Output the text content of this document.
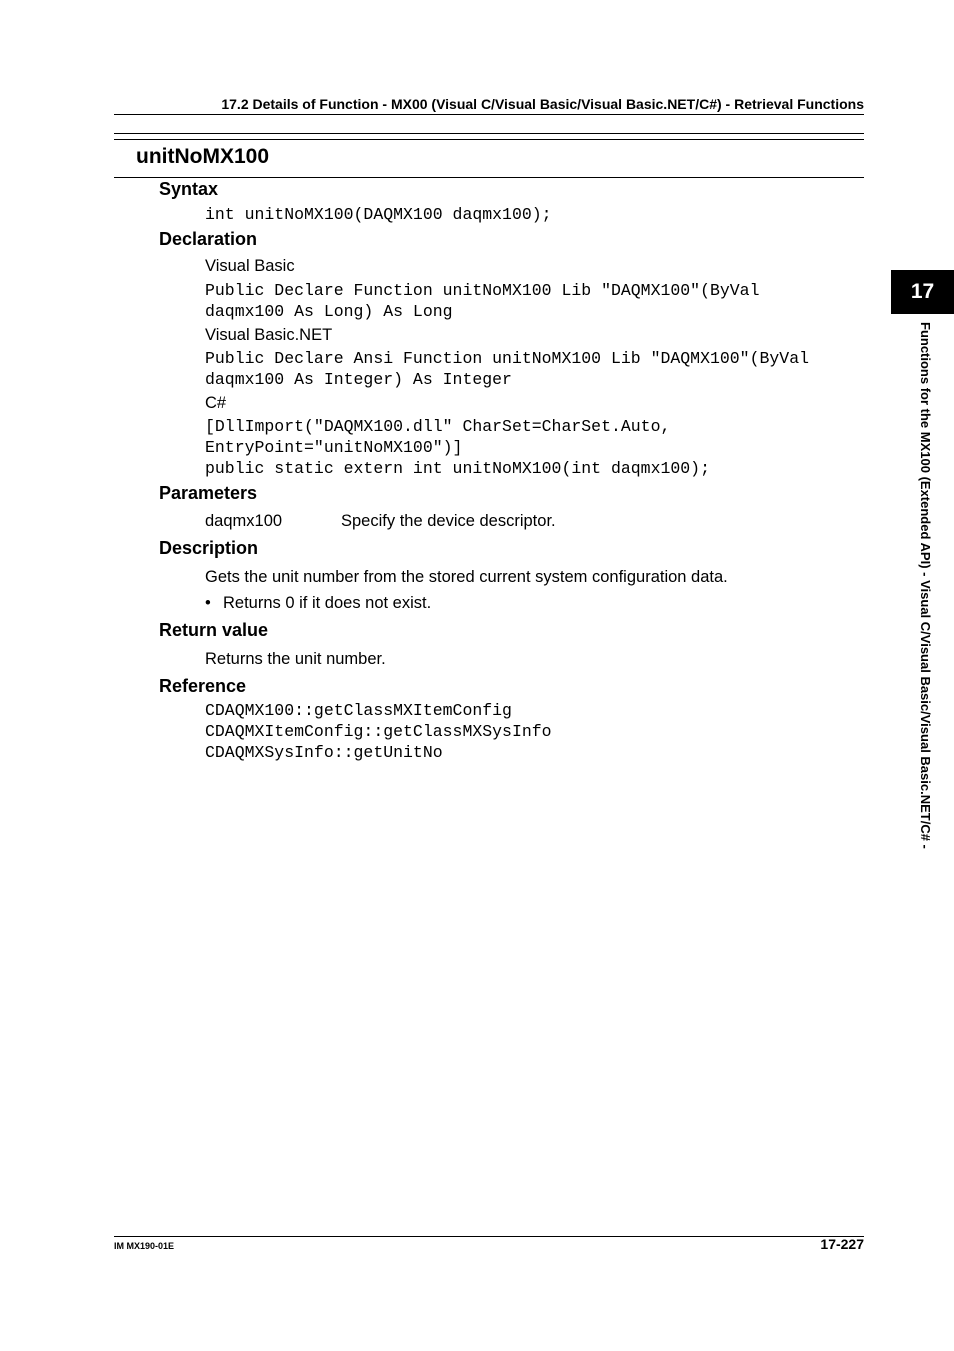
17.2 Details of Function - MX00 (Visual C/Visual Basic/Visual Basic.NET/C#) - Retrieval Functions
unitNoMX100
Syntax
int unitNoMX100(DAQMX100 daqmx100);
Declaration
Visual Basic
Public Declare Function unitNoMX100 Lib "DAQMX100"(ByVal
daqmx100 As Long) As Long
Visual Basic.NET
Public Declare Ansi Function unitNoMX100 Lib "DAQMX100"(ByVal
daqmx100 As Integer) As Integer
C#
[DllImport("DAQMX100.dll" CharSet=CharSet.Auto,
EntryPoint="unitNoMX100")]
public static extern int unitNoMX100(int daqmx100);
Parameters
daqmx100	Specify the device descriptor.
Description
Gets the unit number from the stored current system configuration data.
• Returns 0 if it does not exist.
Return value
Returns the unit number.
Reference
CDAQMX100::getClassMXItemConfig
CDAQMXItemConfig::getClassMXSysInfo
CDAQMXSysInfo::getUnitNo
17
Functions for the MX100 (Extended API) - Visual C/Visual Basic/Visual Basic.NET/C# -
IM MX190-01E	17-227
